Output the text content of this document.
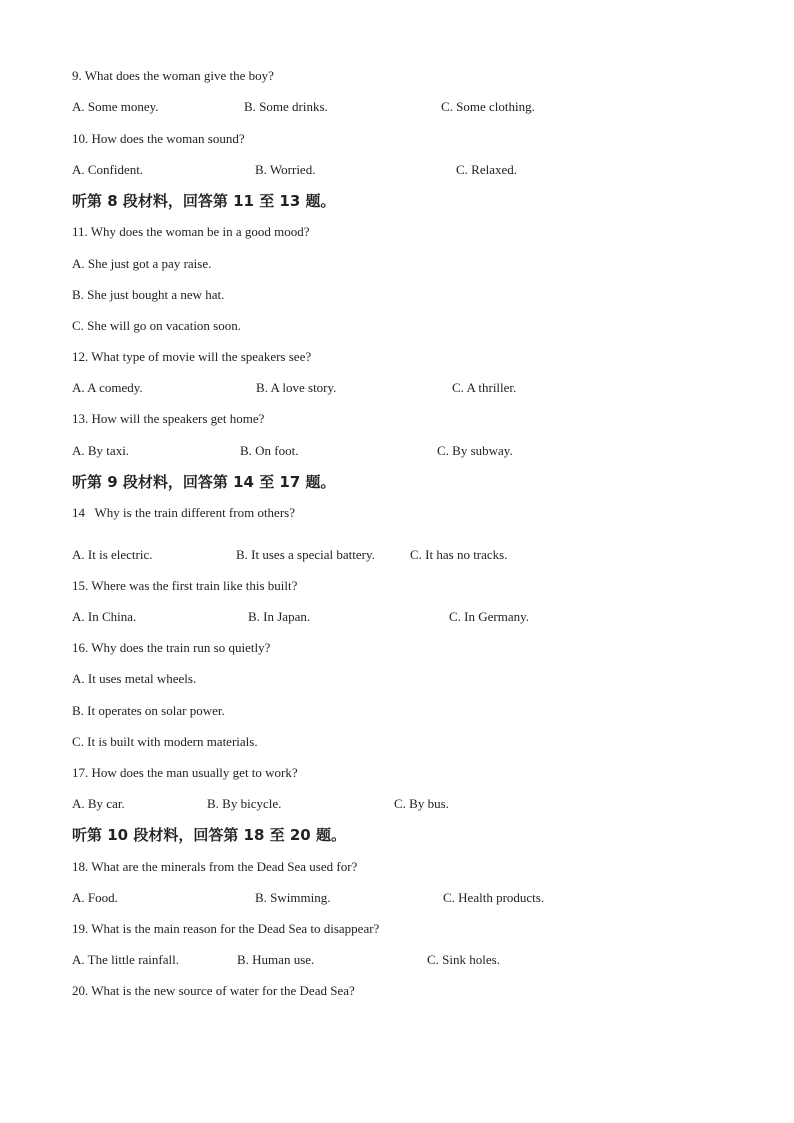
9. What does the woman give the boy?
A. Some money.	B. Some drinks.	C. Some clothing.
10. How does the woman sound?
A. Confident.	B. Worried.	C. Relaxed.
听第 8 段材料，回答第 11 至 13 题。
11. Why does the woman be in a good mood?
A. She just got a pay raise.
B. She just bought a new hat.
C. She will go on vacation soon.
12. What type of movie will the speakers see?
A. A comedy.	B. A love story.	C. A thriller.
13. How will the speakers get home?
A. By taxi.	B. On foot.	C. By subway.
听第 9 段材料，回答第 14 至 17 题。
14   Why is the train different from others?
A. It is electric.	B. It uses a special battery.	C. It has no tracks.
15. Where was the first train like this built?
A. In China.	B. In Japan.	C. In Germany.
16. Why does the train run so quietly?
A. It uses metal wheels.
B. It operates on solar power.
C. It is built with modern materials.
17. How does the man usually get to work?
A. By car.	B. By bicycle.	C. By bus.
听第 10 段材料，回答第 18 至 20 题。
18. What are the minerals from the Dead Sea used for?
A. Food.	B. Swimming.	C. Health products.
19. What is the main reason for the Dead Sea to disappear?
A. The little rainfall.	B. Human use.	C. Sink holes.
20. What is the new source of water for the Dead Sea?
